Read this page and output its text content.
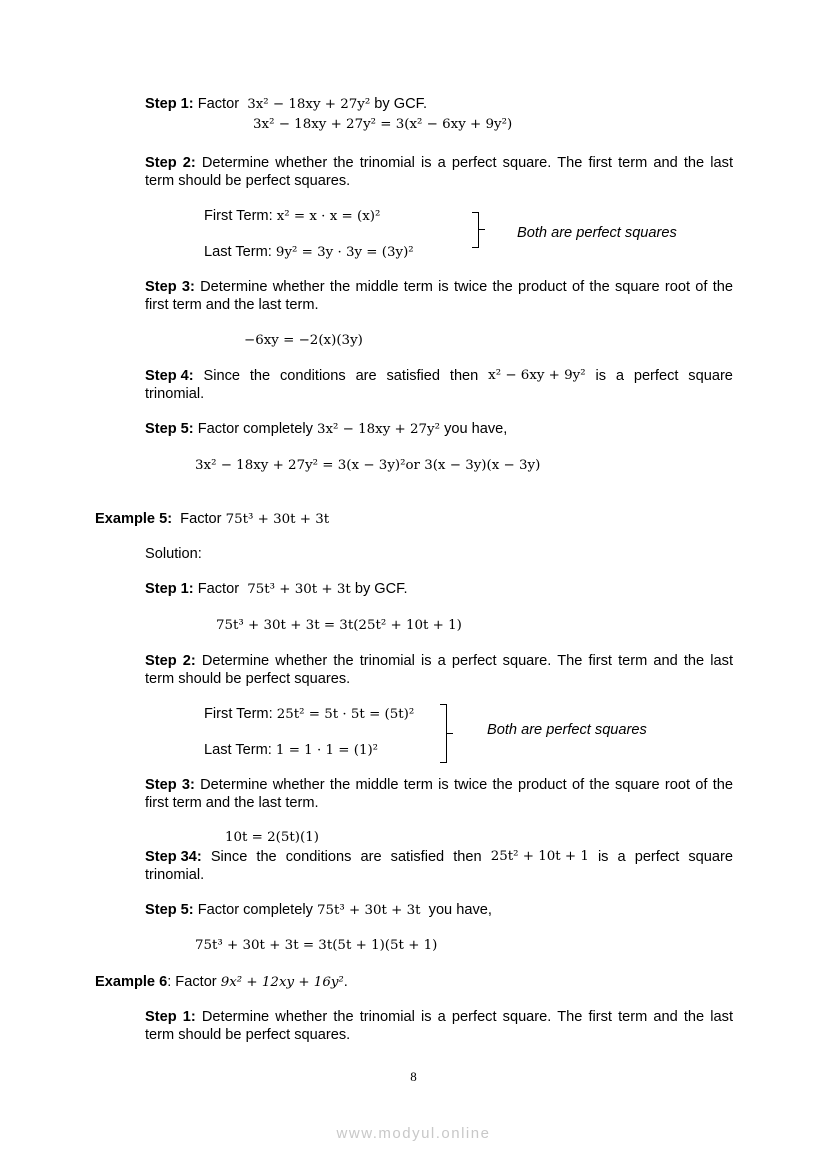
Step 1: Factor 3x² − 18xy + 27y² by GCF.
3x² − 18xy + 27y² = 3(x² − 6xy + 9y²)
Step 2: Determine whether the trinomial is a perfect square. The first term and the last
term should be perfect squares.
First Term: x² = x · x = (x)²
Both are perfect squares
Last Term: 9y² = 3y · 3y = (3y)²
Step 3: Determine whether the middle term is twice the product of the square root of the
first term and the last term.
−6xy = −2(x)(3y)
Step 4: Since the conditions are satisfied then x² − 6xy + 9y² is a perfect square
trinomial.
Step 5: Factor completely 3x² − 18xy + 27y² you have,
3x² − 18xy + 27y² = 3(x − 3y)²or 3(x − 3y)(x − 3y)
Example 5: Factor 75t³ + 30t + 3t
Solution:
Step 1: Factor 75t³ + 30t + 3t by GCF.
75t³ + 30t + 3t = 3t(25t² + 10t + 1)
Step 2: Determine whether the trinomial is a perfect square. The first term and the last
term should be perfect squares.
First Term: 25t² = 5t · 5t = (5t)²
Both are perfect squares
Last Term: 1 = 1 · 1 = (1)²
Step 3: Determine whether the middle term is twice the product of the square root of the
first term and the last term.
10t = 2(5t)(1)
Step 34: Since the conditions are satisfied then 25t² + 10t + 1 is a perfect square
trinomial.
Step 5: Factor completely 75t³ + 30t + 3t you have,
75t³ + 30t + 3t = 3t(5t + 1)(5t + 1)
Example 6: Factor 9x² + 12xy + 16y².
Step 1: Determine whether the trinomial is a perfect square. The first term and the last
term should be perfect squares.
8
www.modyul.online
